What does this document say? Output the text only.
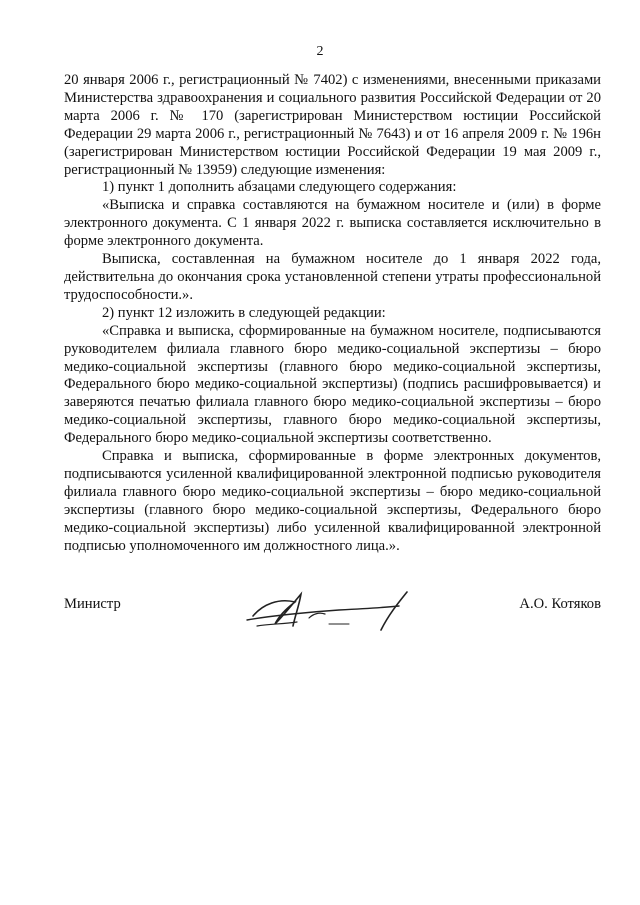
2

20 января 2006 г., регистрационный № 7402) с изменениями, внесенными приказами Министерства здравоохранения и социального развития Российской Федерации от 20 марта 2006 г. № 170 (зарегистрирован Министерством юстиции Российской Федерации 29 марта 2006 г., регистрационный № 7643) и от 16 апреля 2009 г. № 196н (зарегистрирован Министерством юстиции Российской Федерации 19 мая 2009 г., регистрационный № 13959) следующие изменения:

1) пункт 1 дополнить абзацами следующего содержания:

«Выписка и справка составляются на бумажном носителе и (или) в форме электронного документа. С 1 января 2022 г. выписка составляется исключительно в форме электронного документа.

Выписка, составленная на бумажном носителе до 1 января 2022 года, действительна до окончания срока установленной степени утраты профессиональной трудоспособности.».

2) пункт 12 изложить в следующей редакции:

«Справка и выписка, сформированные на бумажном носителе, подписываются руководителем филиала главного бюро медико-социальной экспертизы – бюро медико-социальной экспертизы (главного бюро медико-социальной экспертизы, Федерального бюро медико-социальной экспертизы) (подпись расшифровывается) и заверяются печатью филиала главного бюро медико-социальной экспертизы – бюро медико-социальной экспертизы, главного бюро медико-социальной экспертизы, Федерального бюро медико-социальной экспертизы соответственно.

Справка и выписка, сформированные в форме электронных документов, подписываются усиленной квалифицированной электронной подписью руководителя филиала главного бюро медико-социальной экспертизы – бюро медико-социальной экспертизы (главного бюро медико-социальной экспертизы, Федерального бюро медико-социальной экспертизы) либо усиленной квалифицированной электронной подписью уполномоченного им должностного лица.».

Министр	А.О. Котяков
